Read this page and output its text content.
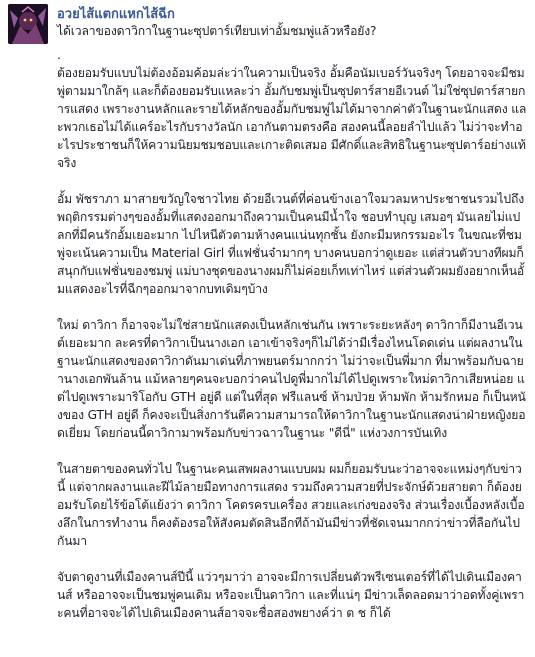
อวยไส้แตกแหกไส้ฉีก

ได้เวลาของดาวิกาในฐานะซุปตาร์เทียบเท่าอั้มชมพู่แล้วหรือยัง?

.

ต้องยอมรับแบบไม่ต้องอ้อมค้อมล่ะว่าในความเป็นจริง อั้มคือนัมเบอร์วันจริงๆ โดยอาจจะมีชมพู่ตามมาใกล้ๆ และก็ต้องยอมรับแหละว่า อั้มกับชมพู่เป็นซุปตาร์สายอีเวนต์ ไม่ใช่ซุปตาร์สายการแสดง เพราะงานหลักและรายได้หลักของอั้มกับชมพู่ไม่ได้มาจากค่าตัวในฐานะนักแสดง และพวกเธอไม่ได้แคร์อะไรกับรางวัลนัก เอากันตามตรงคือ สองคนนี้ลอยลำไปแล้ว ไม่ว่าจะทำอะไรประชาชนก็ให้ความนิยมชมชอบและเกาะติดเสมอ มีศักดิ์และสิทธิในฐานะซุปตาร์อย่างแท้จริง

อั้ม พัชราภา มาสายขวัญใจชาวไทย ด้วยอีเวนต์ที่ค่อนข้างเอาใจมวลมหาประชาชนรวมไปถึงพฤติกรรมต่างๆของอั้มที่แสดงออกมาถึงความเป็นคนมีน้ำใจ ชอบทำบุญ เสมอๆ มันเลยไม่แปลกที่มีคนรักอั้มเยอะมาก ไปไหนีตัวตามห้างคนแน่นทุกชั้น ยังกะมีมหกรรมอะไร ในขณะที่ชมพู่จะเน้นความเป็น Material Girl ที่แฟชั่นจ๋ามากๆ บางคนบอกว่าดูเยอะ แต่ส่วนตัวบางทีผมก็สนุกกับแฟชั่นของชมพู่ แม่บางชุดของนางผมก็ไม่ค่อยเก็ทเท่าไหร่ แต่ส่วนตัวผมยังอยากเห็นอั้มแสดงอะไรที่ฉีกๆออกมาจากบทเดิมๆบ้าง

ใหม่ ดาวิกา ก็อาจจะไม่ใช่สายนักแสดงเป็นหลักเช่นกัน เพราะระยะหลังๆ ดาวิกาก็มีงานอีเวนต์เยอะมาก ละครที่ดาวิกาเป็นนางเอก เอาเข้าจริงๆก็ไม่ได้ว่ามีเรื่องไหนโดดเด่น แต่ผลงานในฐานะนักแสดงของดาวิกาดันมาเด่นที่ภาพยนตร์มากกว่า ไม่ว่าจะเป็นพี่มาก ที่มาพร้อมกับฉายานางเอกพันล้าน แม้หลายๆคนจะบอกว่าคนไปดูพี่มากไม่ได้ไปดูเพราะใหม่ดาวิกาเสียหน่อย แต่ไปดูเพราะมาริโอกับ GTH อยู่ดี แต่ในที่สุด ฟรีแลนซ์ ห้ามป่วย ห้ามพัก ห้ามรักหมอ ก็เป็นหนังของ GTH อยู่ดี ก็คงจะเป็นสิ่งการันตีความสามารถให้ดาวิกาในฐานะนักแสดงน่าฝ่ายหญิงยอดเยี่ยม โดยก่อนนี้ดาวิกามาพร้อมกับข่าวฉาวในฐานะ "ดีนี่" แห่งวงการบันเทิง

ในสายตาของคนทั่วไป ในฐานะคนเสพผลงานแบบผม ผมก็ยอมรับนะว่าอาจจะแหม่งๆกับข่าวนี้ แต่จากผลงานและฝีไม้ลายมือทางการแสดง รวมถึงความสวยที่ประจักษ์ด้วยสายตา ก็ต้องยอมรับโดยไร้ข้อโต้แย้งว่า ดาวิกา โคตรครบเครื่อง สวยและเก่งของจริง ส่วนเรื่องเบื้องหลังเบื้องลึกในการทำงาน ก็คงต้องรอให้สังคมตัดสินอีกทีถ้ามันมีข่าวที่ชัดเจนมากกว่าข่าวที่ลือกันไปกันมา

จับตาดูงานที่เมืองคานส์ปีนี้ แว่วๆมาว่า อาจจะมีการเปลี่ยนตัวพรีเซนเตอร์ที่ได้ไปเดินเมืองคานส์ หรืออาจจะเป็นชมพู่คนเดิม หรือจะเป็นดาวิกา และที่แน่ๆ มีข่าวเล็ดลอดมาว่าอดทั้งคู่เพราะคนที่อาจจะได้ไปเดินเมืองคานส์อาจจะชื่อสองพยางค์ว่า ต ช ก็ได้
